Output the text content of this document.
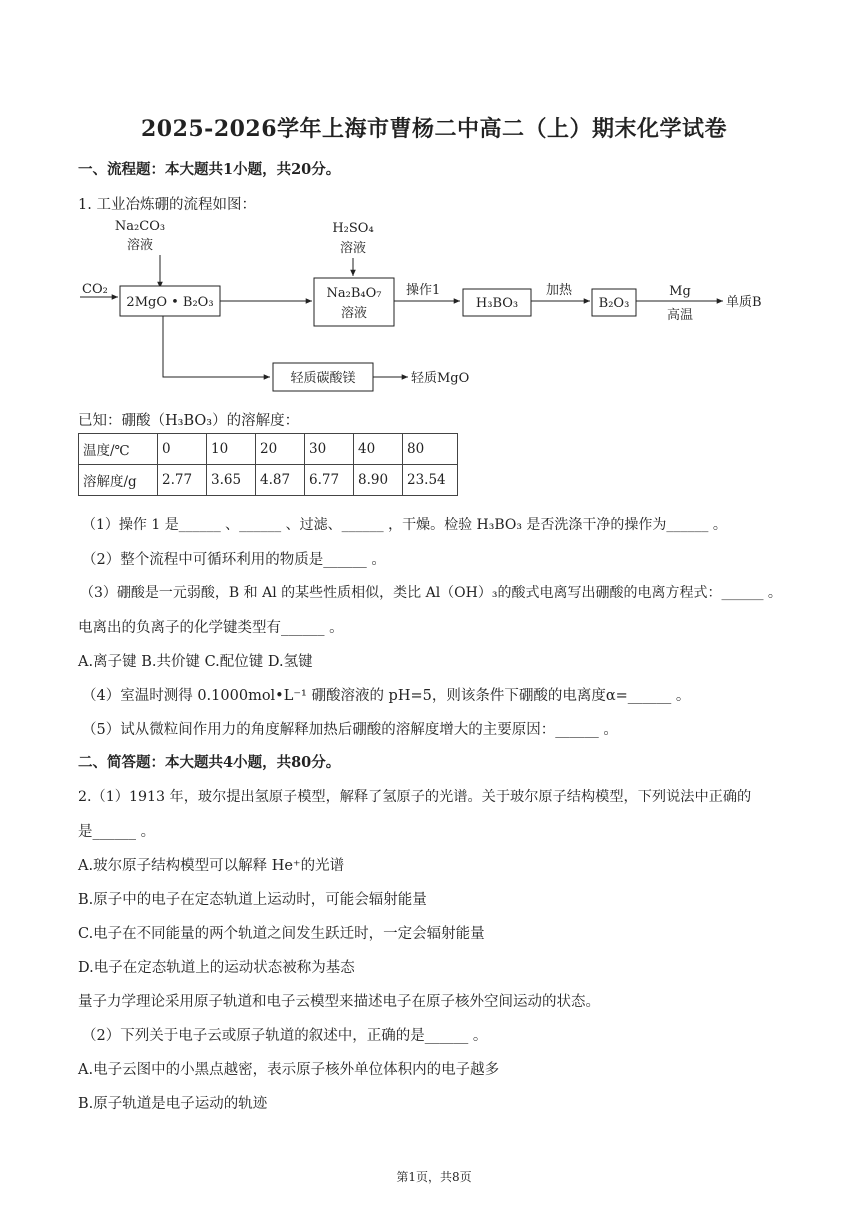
2025-2026学年上海市曹杨二中高二（上）期末化学试卷
一、流程题：本大题共1小题，共20分。
1. 工业冶炼硼的流程如图：
Na₂CO₃
溶液
CO₂
2MgO • B₂O₃
H₂SO₄
溶液
Na₂B₄O₇
溶液
操作1
H₃BO₃
加热
B₂O₃
Mg
高温
单质B
轻质碳酸镁	轻质MgO
已知：硼酸（H₃BO₃）的溶解度：
温度/℃	0	10	20	30	40	80
溶解度/g	2.77	3.65	4.87	6.77	8.90	23.54
（1）操作 1 是______ 、______ 、过滤、______ ，干燥。检验 H₃BO₃ 是否洗涤干净的操作为______ 。
（2）整个流程中可循环利用的物质是______ 。
（3）硼酸是一元弱酸，B 和 Al 的某些性质相似，类比 Al（OH）₃的酸式电离写出硼酸的电离方程式：______ 。
电离出的负离子的化学键类型有______ 。
A.离子键 B.共价键 C.配位键 D.氢键
（4）室温时测得 0.1000mol•L⁻¹ 硼酸溶液的 pH=5，则该条件下硼酸的电离度α=______ 。
（5）试从微粒间作用力的角度解释加热后硼酸的溶解度增大的主要原因：______ 。
二、简答题：本大题共4小题，共80分。
2.（1）1913 年，玻尔提出氢原子模型，解释了氢原子的光谱。关于玻尔原子结构模型，下列说法中正确的
是______ 。
A.玻尔原子结构模型可以解释 He⁺的光谱
B.原子中的电子在定态轨道上运动时，可能会辐射能量
C.电子在不同能量的两个轨道之间发生跃迁时，一定会辐射能量
D.电子在定态轨道上的运动状态被称为基态
量子力学理论采用原子轨道和电子云模型来描述电子在原子核外空间运动的状态。
（2）下列关于电子云或原子轨道的叙述中，正确的是______ 。
A.电子云图中的小黑点越密，表示原子核外单位体积内的电子越多
B.原子轨道是电子运动的轨迹
第1页，共8页
